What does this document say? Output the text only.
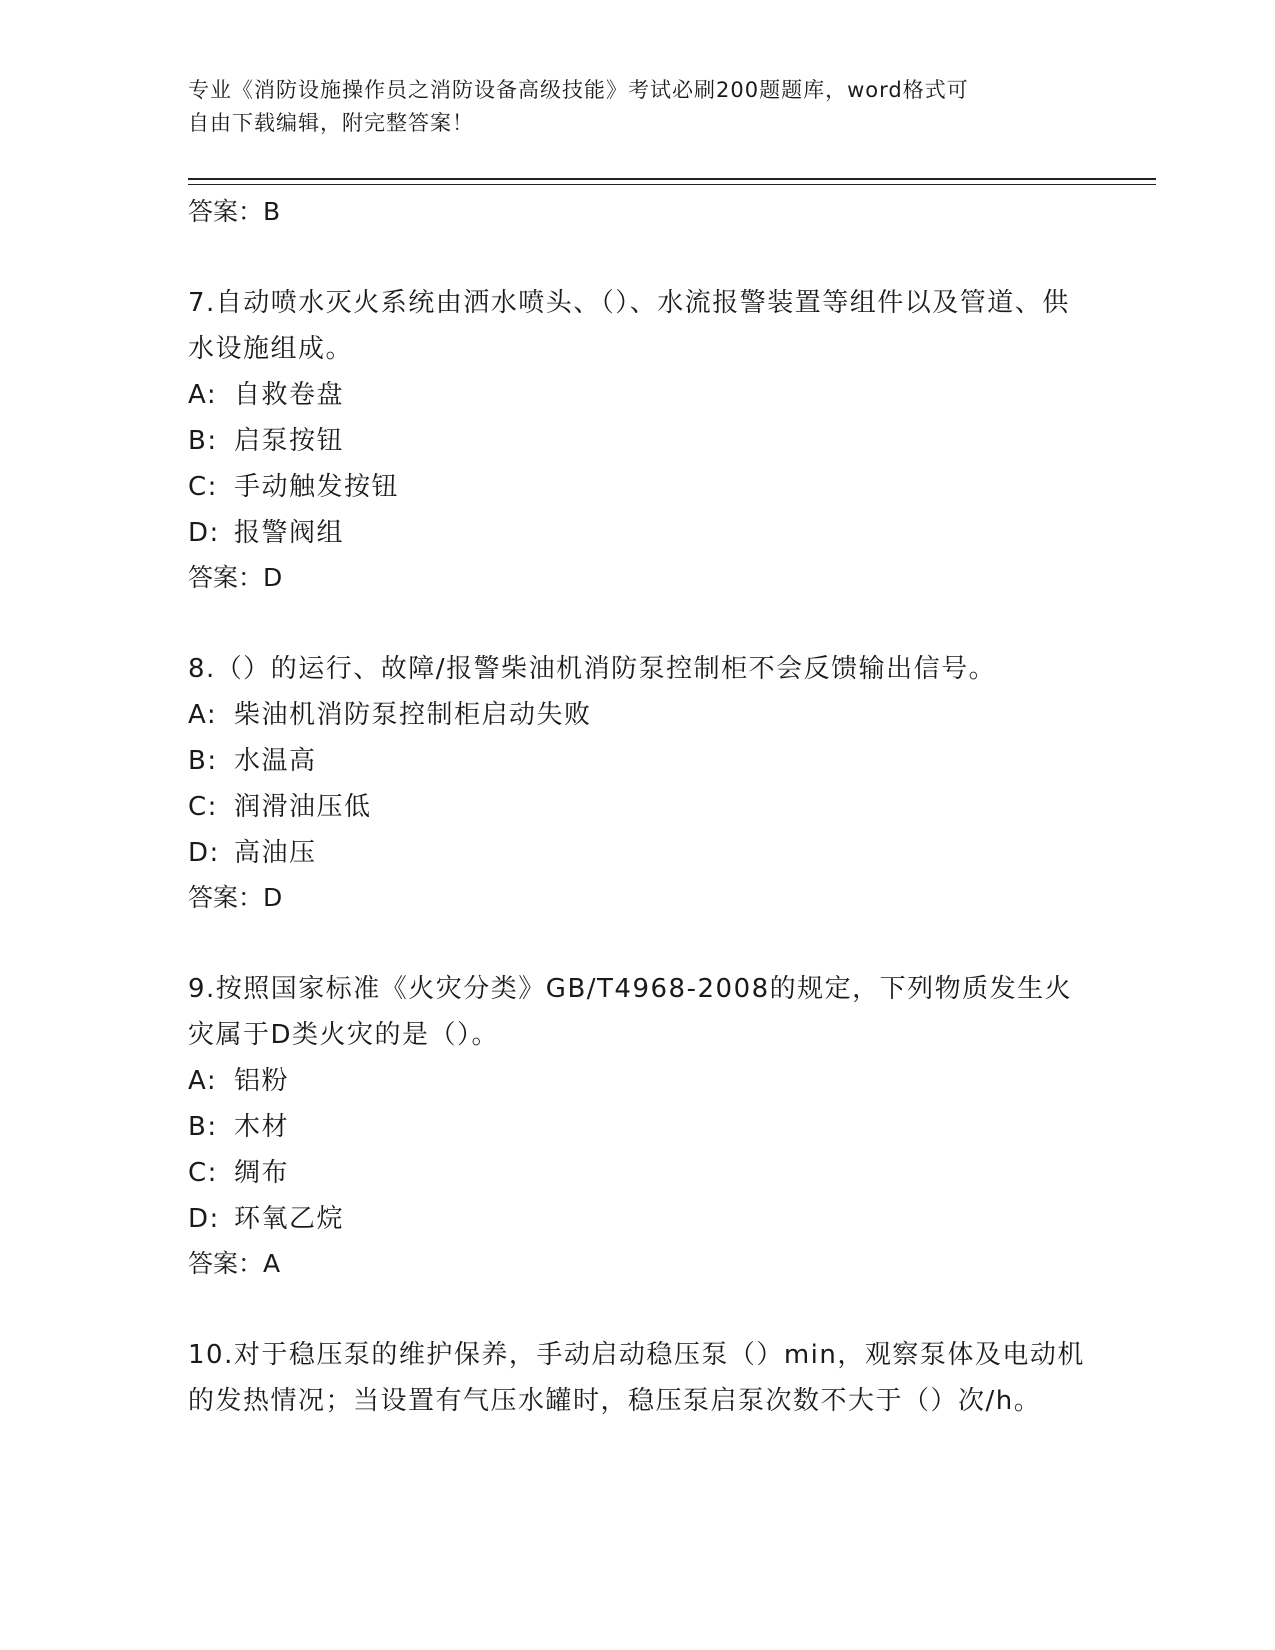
专业《消防设施操作员之消防设备高级技能》考试必刷200题题库，word格式可
自由下载编辑，附完整答案！
答案：B
7.自动喷水灭火系统由洒水喷头、（）、水流报警装置等组件以及管道、供水设施组成。
A: 自救卷盘
B: 启泵按钮
C: 手动触发按钮
D: 报警阀组
答案：D
8.（）的运行、故障/报警柴油机消防泵控制柜不会反馈输出信号。
A: 柴油机消防泵控制柜启动失败
B: 水温高
C: 润滑油压低
D: 高油压
答案：D
9.按照国家标准《火灾分类》GB/T4968-2008的规定，下列物质发生火灾属于D类火灾的是（）。
A: 铝粉
B: 木材
C: 绸布
D: 环氧乙烷
答案：A
10.对于稳压泵的维护保养，手动启动稳压泵（）min，观察泵体及电动机的发热情况；当设置有气压水罐时，稳压泵启泵次数不大于（）次/h。
